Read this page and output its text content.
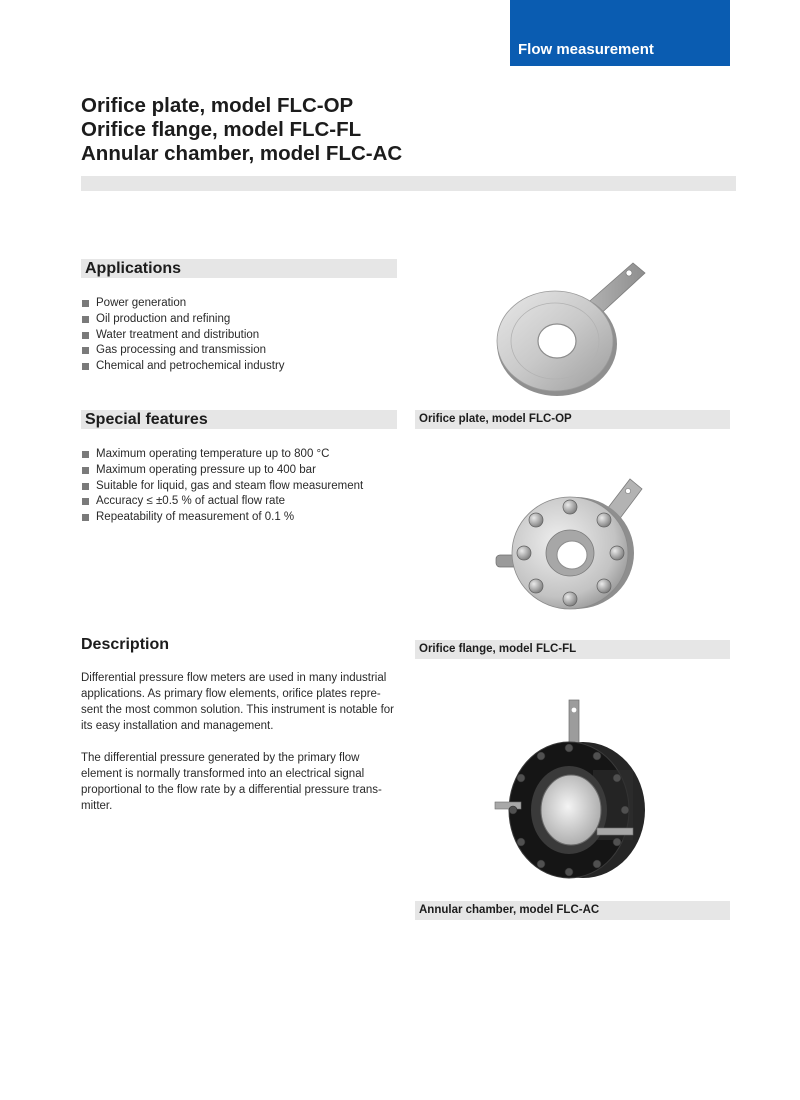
Flow measurement
Orifice plate, model FLC-OP
Orifice flange, model FLC-FL
Annular chamber, model FLC-AC
Applications
Power generation
Oil production and refining
Water treatment and distribution
Gas processing and transmission
Chemical and petrochemical industry
Special features
Maximum operating temperature up to 800 °C
Maximum operating pressure up to 400 bar
Suitable for liquid, gas and steam flow measurement
Accuracy ≤ ±0.5 % of actual flow rate
Repeatability of measurement of 0.1 %
Description
Differential pressure flow meters are used in many industrial
applications. As primary flow elements, orifice plates repre-
sent the most common solution. This instrument is notable for
its easy installation and management.
The differential pressure generated by the primary flow
element is normally transformed into an electrical signal
proportional to the flow rate by a differential pressure trans-
mitter.
Orifice plate, model FLC-OP
Orifice flange, model FLC-FL
Annular chamber, model FLC-AC
